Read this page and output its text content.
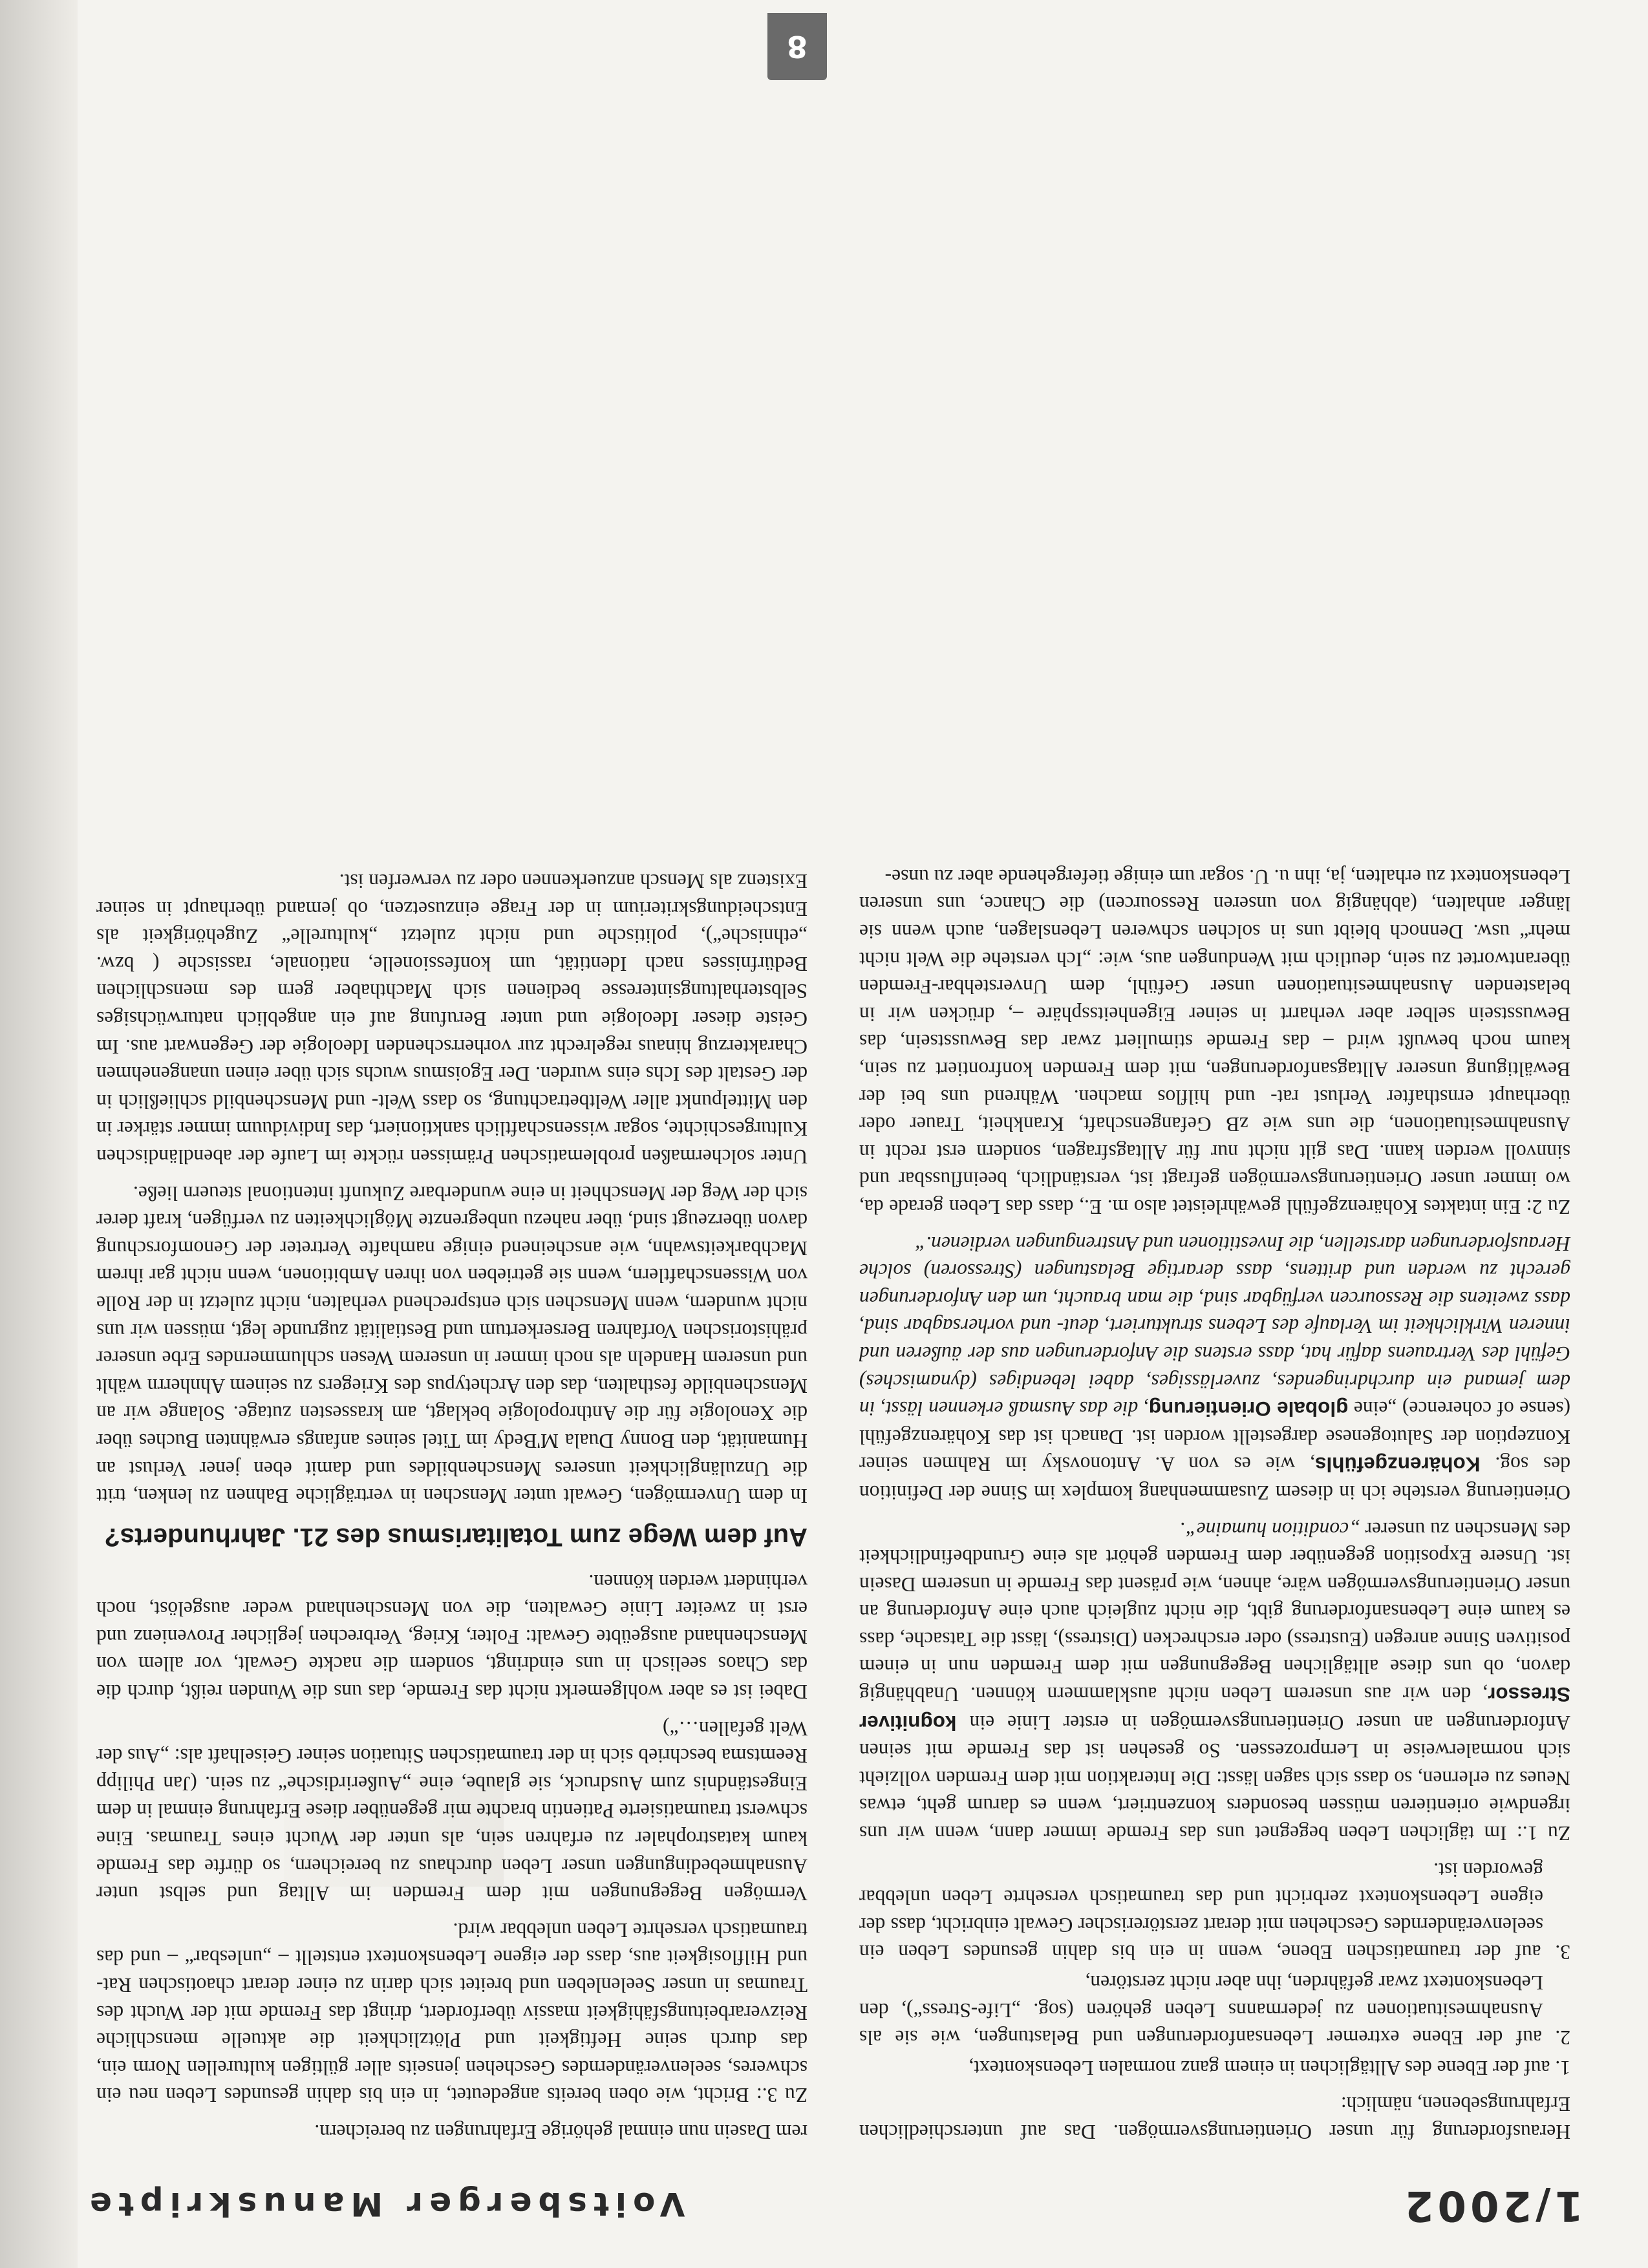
1/2002
Voitsberger Manuskripte

Herausforderung für unser Orientierungsvermögen. Das auf unterschiedlichen Erfahrungsebenen, nämlich:

1. auf der Ebene des Alltäglichen in einem ganz normalen Lebenskontext,
2. auf der Ebene extremer Lebensanforderungen und Belastungen, wie sie als Ausnahmesituationen zu jedermanns Leben gehören (sog. „Life-Stress“), den Lebenskontext zwar gefährden, ihn aber nicht zerstören,
3. auf der traumatischen Ebene, wenn in ein bis dahin gesundes Leben ein seelenveränderndes Geschehen mit derart zerstörerischer Gewalt einbricht, dass der eigene Lebenskontext zerbricht und das traumatisch versehrte Leben unlebbar geworden ist.

Zu 1.: Im täglichen Leben begegnet uns das Fremde immer dann, wenn wir uns irgendwie orientieren müssen besonders konzentriert, wenn es darum geht, etwas Neues zu erlernen, so dass sich sagen lässt: Die Interaktion mit dem Fremden vollzieht sich normalerweise in Lernprozessen. So gesehen ist das Fremde mit seinen Anforderungen an unser Orientierungsvermögen in erster Linie ein kognitiver Stressor, den wir aus unserem Leben nicht ausklammern können. Unabhängig davon, ob uns diese alltäglichen Begegnungen mit dem Fremden nun in einem positiven Sinne anregen (Eustress) oder erschrecken (Distress), lässt die Tatsache, dass es kaum eine Lebensanforderung gibt, die nicht zugleich auch eine Anforderung an unser Orientierungsvermögen wäre, ahnen, wie präsent das Fremde in unserem Dasein ist. Unsere Exposition gegenüber dem Fremden gehört als eine Grundbefindlichkeit des Menschen zu unserer „condition humaine“.

Orientierung verstehe ich in diesem Zusammenhang komplex im Sinne der Definition des sog. Kohärenzgefühls, wie es von A. Antonovsky im Rahmen seiner Konzeption der Salutogenese dargestellt worden ist. Danach ist das Kohärenzgefühl (sense of coherence) „eine globale Orientierung, die das Ausmaß erkennen lässt, in dem jemand ein durchdringendes, zuverlässiges, dabei lebendiges (dynamisches) Gefühl des Vertrauens dafür hat, dass erstens die Anforderungen aus der äußeren und inneren Wirklichkeit im Verlaufe des Lebens strukturiert, deut- und vorhersagbar sind, dass zweitens die Ressourcen verfügbar sind, die man braucht, um den Anforderungen gerecht zu werden und drittens, dass derartige Belastungen (Stressoren) solche Herausforderungen darstellen, die Investitionen und Anstrengungen verdienen.“

Zu 2: Ein intaktes Kohärenzgefühl gewährleistet also m. E., dass das Leben gerade da, wo immer unser Orientierungsvermögen gefragt ist, verständlich, beeinflussbar und sinnvoll werden kann. Das gilt nicht nur für Alltagsfragen, sondern erst recht in Ausnahmesituationen, die uns wie zB Gefangenschaft, Krankheit, Trauer oder überhaupt ernsthafter Verlust rat- und hilflos machen. Während uns bei der Bewältigung unserer Alltagsanforderungen, mit dem Fremden konfrontiert zu sein, kaum noch bewußt wird – das Fremde stimuliert zwar das Bewusstsein, das Bewusstsein selber aber verharrt in seiner Eigenheitssphäre –, drücken wir in belastenden Ausnahmesituationen unser Gefühl, dem Unverstehbar-Fremden überantwortet zu sein, deutlich mit Wendungen aus, wie: „Ich verstehe die Welt nicht mehr“ usw. Dennoch bleibt uns in solchen schweren Lebenslagen, auch wenn sie länger anhalten, (abhängig von unseren Ressourcen) die Chance, uns unseren Lebenskontext zu erhalten, ja, ihn u. U. sogar um einige tiefergehende aber zu unse-

rem Dasein nun einmal gehörige Erfahrungen zu bereichern.

Zu 3.: Bricht, wie oben bereits angedeutet, in ein bis dahin gesundes Leben neu ein schweres, seelenveränderndes Geschehen jenseits aller gültigen kulturellen Norm ein, das durch seine Heftigkeit und Plötzlichkeit die aktuelle menschliche Reizverarbeitungsfähigkeit massiv überfordert, dringt das Fremde mit der Wucht des Traumas in unser Seelenleben und breitet sich darin zu einer derart chaotischen Rat- und Hilflosigkeit aus, dass der eigene Lebenskontext entstellt – „unlesbar“ – und das traumatisch versehrte Leben unlebbar wird.

Vermögen Begegnungen mit dem Fremden im Alltag und selbst unter Ausnahmebedingungen unser Leben durchaus zu bereichern, so dürfte das Fremde kaum katastrophaler zu erfahren sein, als unter der Wucht eines Traumas. Eine schwerst traumatisierte Patientin brachte mir gegenüber diese Erfahrung einmal in dem Eingeständnis zum Ausdruck, sie glaube, eine „Außerirdische“ zu sein. (Jan Philipp Reemtsma beschrieb sich in der traumatischen Situation seiner Geiselhaft als: „Aus der Welt gefallen…“)

Dabei ist es aber wohlgemerkt nicht das Fremde, das uns die Wunden reißt, durch die das Chaos seelisch in uns eindringt, sondern die nackte Gewalt, vor allem von Menschenhand ausgeübte Gewalt: Folter, Krieg, Verbrechen jeglicher Provenienz und erst in zweiter Linie Gewalten, die von Menschenhand weder ausgelöst, noch verhindert werden können.

Auf dem Wege zum Totalitarismus des 21. Jahrhunderts?

In dem Unvermögen, Gewalt unter Menschen in verträgliche Bahnen zu lenken, tritt die Unzulänglichkeit unseres Menschenbildes und damit eben jener Verlust an Humanität, den Bonny Duala M'Bedy im Titel seines anfangs erwähnten Buches über die Xenologie für die Anthropologie beklagt, am krassesten zutage. Solange wir an Menschenbilde festhalten, das den Archetypus des Kriegers zu seinem Ahnherrn wählt und unserem Handeln als noch immer in unserem Wesen schlummerndes Erbe unserer prähistorischen Vorfahren Berserkertum und Bestialität zugrunde legt, müssen wir uns nicht wundern, wenn Menschen sich entsprechend verhalten, nicht zuletzt in der Rolle von Wissenschaftlern, wenn sie getrieben von ihren Ambitionen, wenn nicht gar ihrem Machbarkeitswahn, wie anscheinend einige namhafte Vertreter der Genomforschung davon überzeugt sind, über nahezu unbegrenzte Möglichkeiten zu verfügen, kraft derer sich der Weg der Menschheit in eine wunderbare Zukunft intentional steuern ließe.

Unter solchermaßen problematischen Prämissen rückte im Laufe der abendländischen Kulturgeschichte, sogar wissenschaftlich sanktioniert, das Individuum immer stärker in den Mittelpunkt aller Weltbetrachtung, so dass Welt- und Menschenbild schließlich in der Gestalt des Ichs eins wurden. Der Egoismus wuchs sich über einen unangenehmen Charakterzug hinaus regelrecht zur vorherrschenden Ideologie der Gegenwart aus. Im Geiste dieser Ideologie und unter Berufung auf ein angeblich naturwüchsiges Selbsterhaltungsinteresse bedienen sich Machthaber gern des menschlichen Bedürfnisses nach Identität, um konfessionelle, nationale, rassische ( bzw. „ethnische“), politische und nicht zuletzt „kulturelle“ Zugehörigkeit als Entscheidungskriterium in der Frage einzusetzen, ob jemand überhaupt in seiner Existenz als Mensch anzuerkennen oder zu verwerfen ist.

8
